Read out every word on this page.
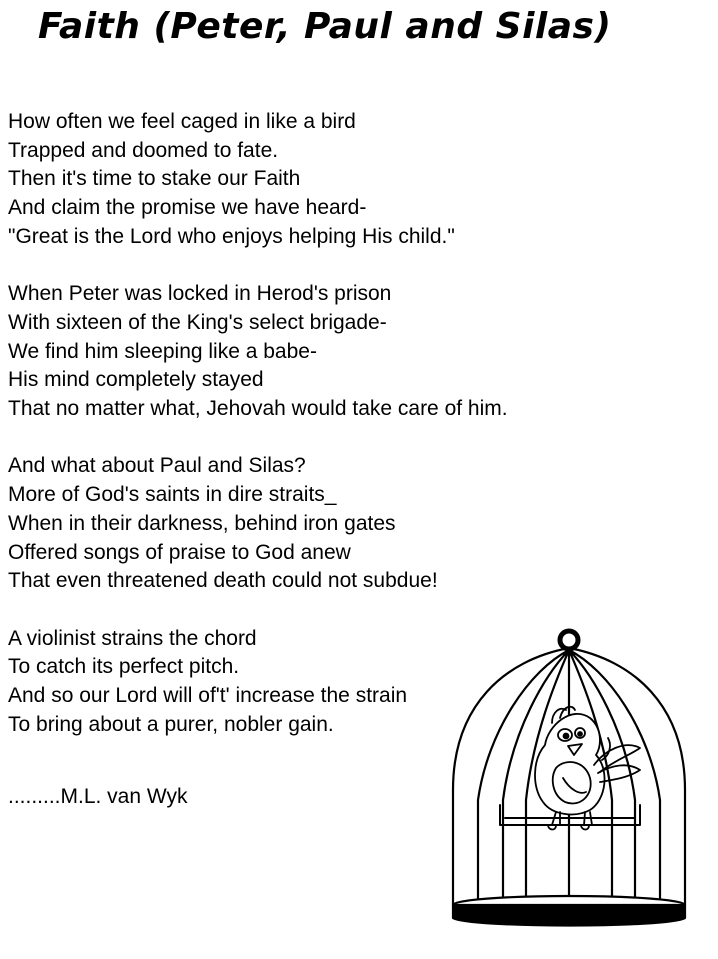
Faith (Peter, Paul and Silas)
How often we feel caged in like a bird
Trapped and doomed to fate.
Then it's time to stake our Faith
And claim the promise we have heard-
"Great is the Lord who enjoys helping His child."
When Peter was locked in Herod's prison
With sixteen of the King's select brigade-
We find him sleeping like a babe-
His mind completely stayed
That no matter what, Jehovah would take care of him.
And what about Paul and Silas?
More of God's saints in dire straits_
When in their darkness, behind iron gates
Offered songs of praise to God anew
That even threatened death could not subdue!
A violinist strains the chord
To catch its perfect pitch.
And so our Lord will of't' increase the strain
To bring about a purer, nobler gain.
.........M.L. van Wyk
